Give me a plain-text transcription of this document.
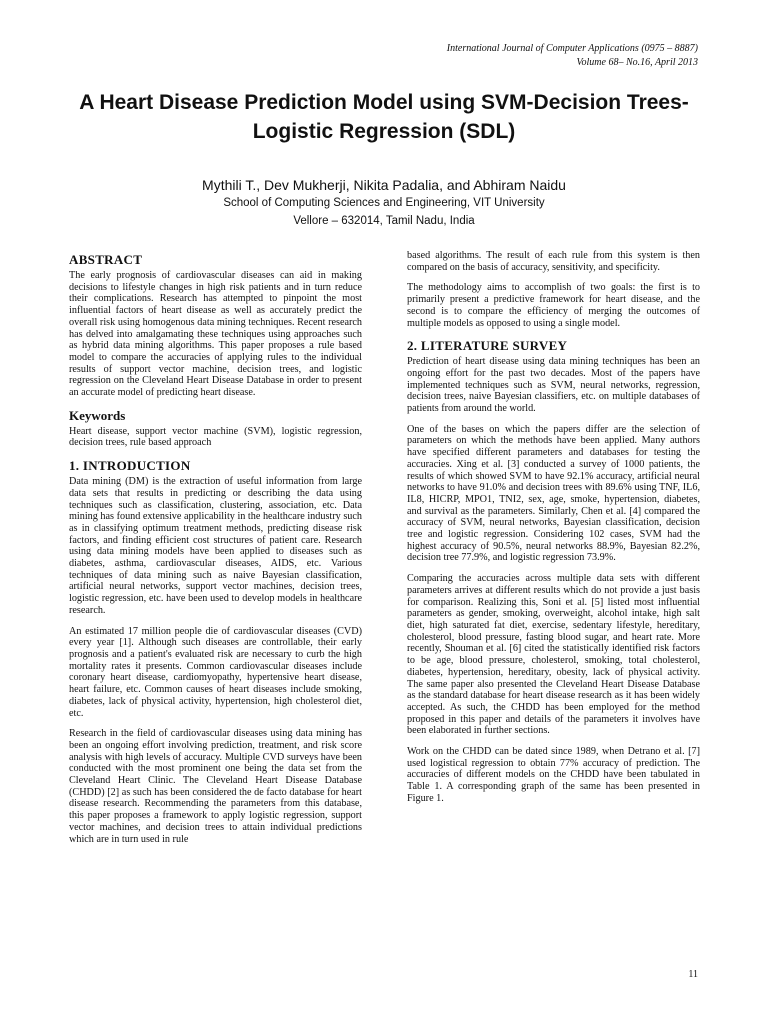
International Journal of Computer Applications (0975 – 8887)
Volume 68– No.16, April 2013
A Heart Disease Prediction Model using SVM-Decision Trees-Logistic Regression (SDL)
Mythili T., Dev Mukherji, Nikita Padalia, and Abhiram Naidu
School of Computing Sciences and Engineering, VIT University
Vellore – 632014, Tamil Nadu, India
ABSTRACT

The early prognosis of cardiovascular diseases can aid in making decisions to lifestyle changes in high risk patients and in turn reduce their complications. Research has attempted to pinpoint the most influential factors of heart disease as well as accurately predict the overall risk using homogenous data mining techniques. Recent research has delved into amalgamating these techniques using approaches such as hybrid data mining algorithms. This paper proposes a rule based model to compare the accuracies of applying rules to the individual results of support vector machine, decision trees, and logistic regression on the Cleveland Heart Disease Database in order to present an accurate model of predicting heart disease.

Keywords

Heart disease, support vector machine (SVM), logistic regression, decision trees, rule based approach

1. INTRODUCTION

Data mining (DM) is the extraction of useful information from large data sets that results in predicting or describing the data using techniques such as classification, clustering, association, etc. Data mining has found extensive applicability in the healthcare industry such as in classifying optimum treatment methods, predicting disease risk factors, and finding efficient cost structures of patient care. Research using data mining models have been applied to diseases such as diabetes, asthma, cardiovascular diseases, AIDS, etc. Various techniques of data mining such as naive Bayesian classification, artificial neural networks, support vector machines, decision trees, logistic regression, etc. have been used to develop models in healthcare research.

An estimated 17 million people die of cardiovascular diseases (CVD) every year [1]. Although such diseases are controllable, their early prognosis and a patient's evaluated risk are necessary to curb the high mortality rates it presents. Common cardiovascular diseases include coronary heart disease, cardiomyopathy, hypertensive heart disease, heart failure, etc. Common causes of heart diseases include smoking, diabetes, lack of physical activity, hypertension, high cholesterol diet, etc.

Research in the field of cardiovascular diseases using data mining has been an ongoing effort involving prediction, treatment, and risk score analysis with high levels of accuracy. Multiple CVD surveys have been conducted with the most prominent one being the data set from the Cleveland Heart Clinic. The Cleveland Heart Disease Database (CHDD) [2] as such has been considered the de facto database for heart disease research. Recommending the parameters from this database, this paper proposes a framework to apply logistic regression, support vector machines, and decision trees to attain individual predictions which are in turn used in rule

based algorithms. The result of each rule from this system is then compared on the basis of accuracy, sensitivity, and specificity.

The methodology aims to accomplish of two goals: the first is to primarily present a predictive framework for heart disease, and the second is to compare the efficiency of merging the outcomes of multiple models as opposed to using a single model.

2. LITERATURE SURVEY

Prediction of heart disease using data mining techniques has been an ongoing effort for the past two decades. Most of the papers have implemented techniques such as SVM, neural networks, regression, decision trees, naive Bayesian classifiers, etc. on multiple databases of patients from around the world.

One of the bases on which the papers differ are the selection of parameters on which the methods have been applied. Many authors have specified different parameters and databases for testing the accuracies. Xing et al. [3] conducted a survey of 1000 patients, the results of which showed SVM to have 92.1% accuracy, artificial neural networks to have 91.0% and decision trees with 89.6% using TNF, IL6, IL8, HICRP, MPO1, TNI2, sex, age, smoke, hypertension, diabetes, and survival as the parameters. Similarly, Chen et al. [4] compared the accuracy of SVM, neural networks, Bayesian classification, decision tree and logistic regression. Considering 102 cases, SVM had the highest accuracy of 90.5%, neural networks 88.9%, Bayesian 82.2%, decision tree 77.9%, and logistic regression 73.9%.

Comparing the accuracies across multiple data sets with different parameters arrives at different results which do not provide a just basis for comparison. Realizing this, Soni et al. [5] listed most influential parameters as gender, smoking, overweight, alcohol intake, high salt diet, high saturated fat diet, exercise, sedentary lifestyle, hereditary, cholesterol, blood pressure, fasting blood sugar, and heart rate. More recently, Shouman et al. [6] cited the statistically identified risk factors to be age, blood pressure, cholesterol, smoking, total cholesterol, diabetes, hypertension, hereditary, obesity, lack of physical activity. The same paper also presented the Cleveland Heart Disease Database as the standard database for heart disease research as it has been widely accepted. As such, the CHDD has been employed for the method proposed in this paper and details of the parameters it involves have been elaborated in further sections.

Work on the CHDD can be dated since 1989, when Detrano et al. [7] used logistical regression to obtain 77% accuracy of prediction. The accuracies of different models on the CHDD have been tabulated in Table 1. A corresponding graph of the same has been presented in Figure 1.

11
